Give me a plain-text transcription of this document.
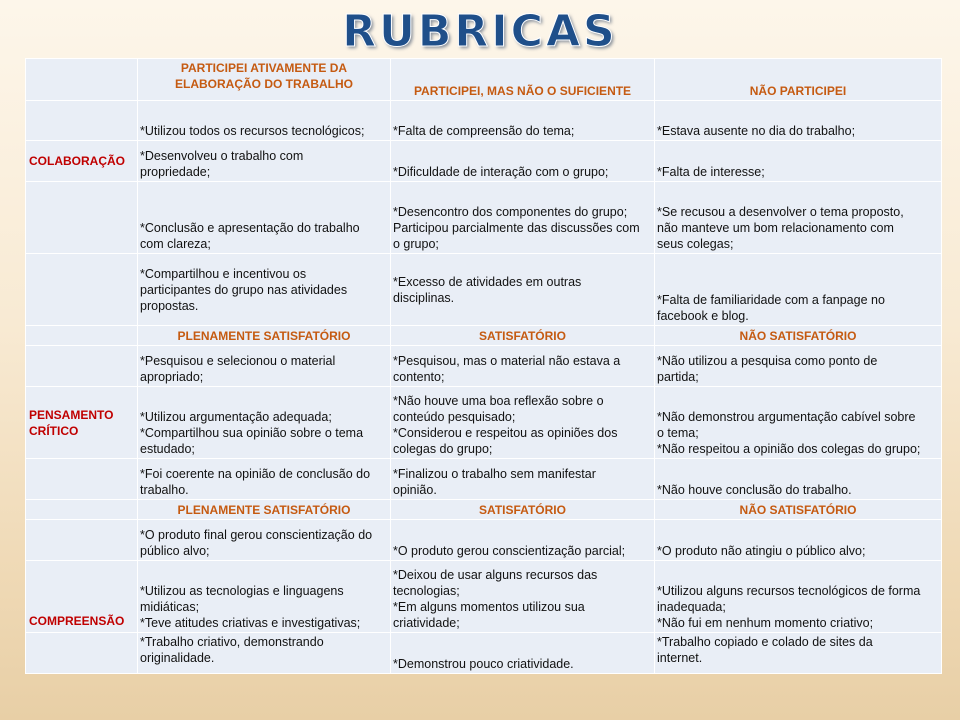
RUBRICAS

	PARTICIPEI ATIVAMENTE DA
ELABORAÇÃO DO TRABALHO	PARTICIPEI, MAS NÃO O SUFICIENTE	NÃO PARTICIPEI

	*Utilizou todos os recursos tecnológicos;	*Falta de compreensão do tema;	*Estava ausente no dia do trabalho;

COLABORAÇÃO	*Desenvolveu o trabalho com
propriedade;	*Dificuldade de interação com o grupo;	*Falta de interesse;

	*Conclusão e apresentação do trabalho
com clareza;	*Desencontro dos componentes do grupo;
Participou parcialmente das discussões com
o grupo;	*Se recusou a desenvolver o tema proposto,
não manteve um bom relacionamento com
seus colegas;

	*Compartilhou e incentivou os
participantes do grupo nas atividades
propostas.	*Excesso de atividades em outras
disciplinas.	*Falta de familiaridade com a fanpage no
facebook e blog.

	PLENAMENTE SATISFATÓRIO	SATISFATÓRIO	NÃO SATISFATÓRIO

	*Pesquisou e selecionou o material
apropriado;	*Pesquisou, mas o material não estava a
contento;	*Não utilizou a pesquisa como ponto de
partida;

PENSAMENTO
CRÍTICO	*Utilizou argumentação adequada;
*Compartilhou sua opinião sobre o tema
estudado;	*Não houve uma boa reflexão sobre o
conteúdo pesquisado;
*Considerou e respeitou as opiniões dos
colegas do grupo;	*Não demonstrou argumentação cabível sobre
o tema;
*Não respeitou a opinião dos colegas do grupo;

	*Foi coerente na opinião de conclusão do
trabalho.	*Finalizou o trabalho sem manifestar
opinião.	*Não houve conclusão do trabalho.

	PLENAMENTE SATISFATÓRIO	SATISFATÓRIO	NÃO SATISFATÓRIO

	*O produto final gerou conscientização do
público alvo;	*O produto gerou conscientização parcial;	*O produto não atingiu o público alvo;

COMPREENSÃO	*Utilizou as tecnologias e linguagens
midiáticas;
*Teve atitudes criativas e investigativas;	*Deixou de usar alguns recursos das
tecnologias;
*Em alguns momentos utilizou sua
criatividade;	*Utilizou alguns recursos tecnológicos de forma
inadequada;
*Não fui em nenhum momento criativo;

	*Trabalho criativo, demonstrando
originalidade.	*Demonstrou pouco criatividade.	*Trabalho copiado e colado de sites da
internet.
